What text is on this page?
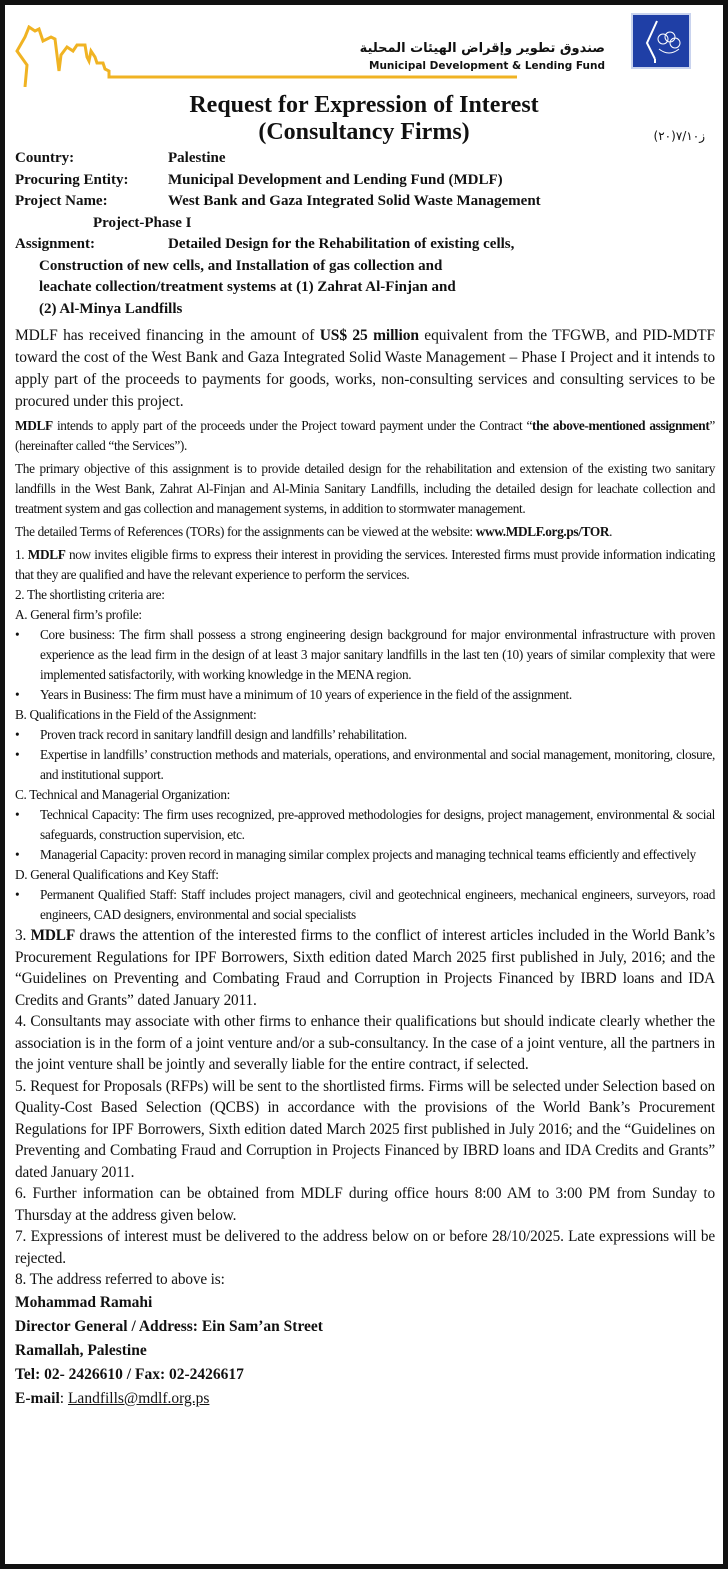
صندوق تطوير وإقراض الهيئات المحلية
Municipal Development & Lending Fund
Request for Expression of Interest
(Consultancy Firms)	ز٧/١٠(٢٠)
Country:	Palestine
Procuring Entity:	Municipal Development and Lending Fund (MDLF)
Project Name:	West Bank and Gaza Integrated Solid Waste Management
Project-Phase I
Assignment:	Detailed Design for the Rehabilitation of existing cells,
Construction of new cells, and Installation of gas collection and
leachate collection/treatment systems at (1) Zahrat Al-Finjan and
(2) Al-Minya Landfills

MDLF has received financing in the amount of US$ 25 million equivalent from the TFGWB, and PID-MDTF toward the cost of the West Bank and Gaza Integrated Solid Waste Management – Phase I Project and it intends to apply part of the proceeds to payments for goods, works, non-consulting services and consulting services to be procured under this project.

MDLF intends to apply part of the proceeds under the Project toward payment under the Contract “the above-mentioned assignment” (hereinafter called “the Services”).

The primary objective of this assignment is to provide detailed design for the rehabilitation and extension of the existing two sanitary landfills in the West Bank, Zahrat Al-Finjan and Al-Minia Sanitary Landfills, including the detailed design for leachate collection and treatment system and gas collection and management systems, in addition to stormwater management.

The detailed Terms of References (TORs) for the assignments can be viewed at the website: www.MDLF.org.ps/TOR.

1. MDLF now invites eligible firms to express their interest in providing the services. Interested firms must provide information indicating that they are qualified and have the relevant experience to perform the services.

2. The shortlisting criteria are:

A. General firm’s profile:

•	Core business: The firm shall possess a strong engineering design background for major environmental infrastructure with proven experience as the lead firm in the design of at least 3 major sanitary landfills in the last ten (10) years of similar complexity that were implemented satisfactorily, with working knowledge in the MENA region.
•	Years in Business: The firm must have a minimum of 10 years of experience in the field of the assignment.

B. Qualifications in the Field of the Assignment:

•	Proven track record in sanitary landfill design and landfills’ rehabilitation.
•	Expertise in landfills’ construction methods and materials, operations, and environmental and social management, monitoring, closure, and institutional support.

C. Technical and Managerial Organization:

•	Technical Capacity: The firm uses recognized, pre-approved methodologies for designs, project management, environmental & social safeguards, construction supervision, etc.
•	Managerial Capacity: proven record in managing similar complex projects and managing technical teams efficiently and effectively

D. General Qualifications and Key Staff:

•	Permanent Qualified Staff: Staff includes project managers, civil and geotechnical engineers, mechanical engineers, surveyors, road engineers, CAD designers, environmental and social specialists

3. MDLF draws the attention of the interested firms to the conflict of interest articles included in the World Bank’s Procurement Regulations for IPF Borrowers, Sixth edition dated March 2025 first published in July, 2016; and the “Guidelines on Preventing and Combating Fraud and Corruption in Projects Financed by IBRD loans and IDA Credits and Grants” dated January 2011.

4. Consultants may associate with other firms to enhance their qualifications but should indicate clearly whether the association is in the form of a joint venture and/or a sub-consultancy. In the case of a joint venture, all the partners in the joint venture shall be jointly and severally liable for the entire contract, if selected.

5. Request for Proposals (RFPs) will be sent to the shortlisted firms. Firms will be selected under Selection based on Quality-Cost Based Selection (QCBS) in accordance with the provisions of the World Bank’s Procurement Regulations for IPF Borrowers, Sixth edition dated March 2025 first published in July 2016; and the “Guidelines on Preventing and Combating Fraud and Corruption in Projects Financed by IBRD loans and IDA Credits and Grants” dated January 2011.

6. Further information can be obtained from MDLF during office hours 8:00 AM to 3:00 PM from Sunday to Thursday at the address given below.

7. Expressions of interest must be delivered to the address below on or before 28/10/2025. Late expressions will be rejected.

8. The address referred to above is:

Mohammad Ramahi
Director General / Address: Ein Sam’an Street
Ramallah, Palestine
Tel: 02- 2426610 / Fax: 02-2426617
E-mail: Landfills@mdlf.org.ps
